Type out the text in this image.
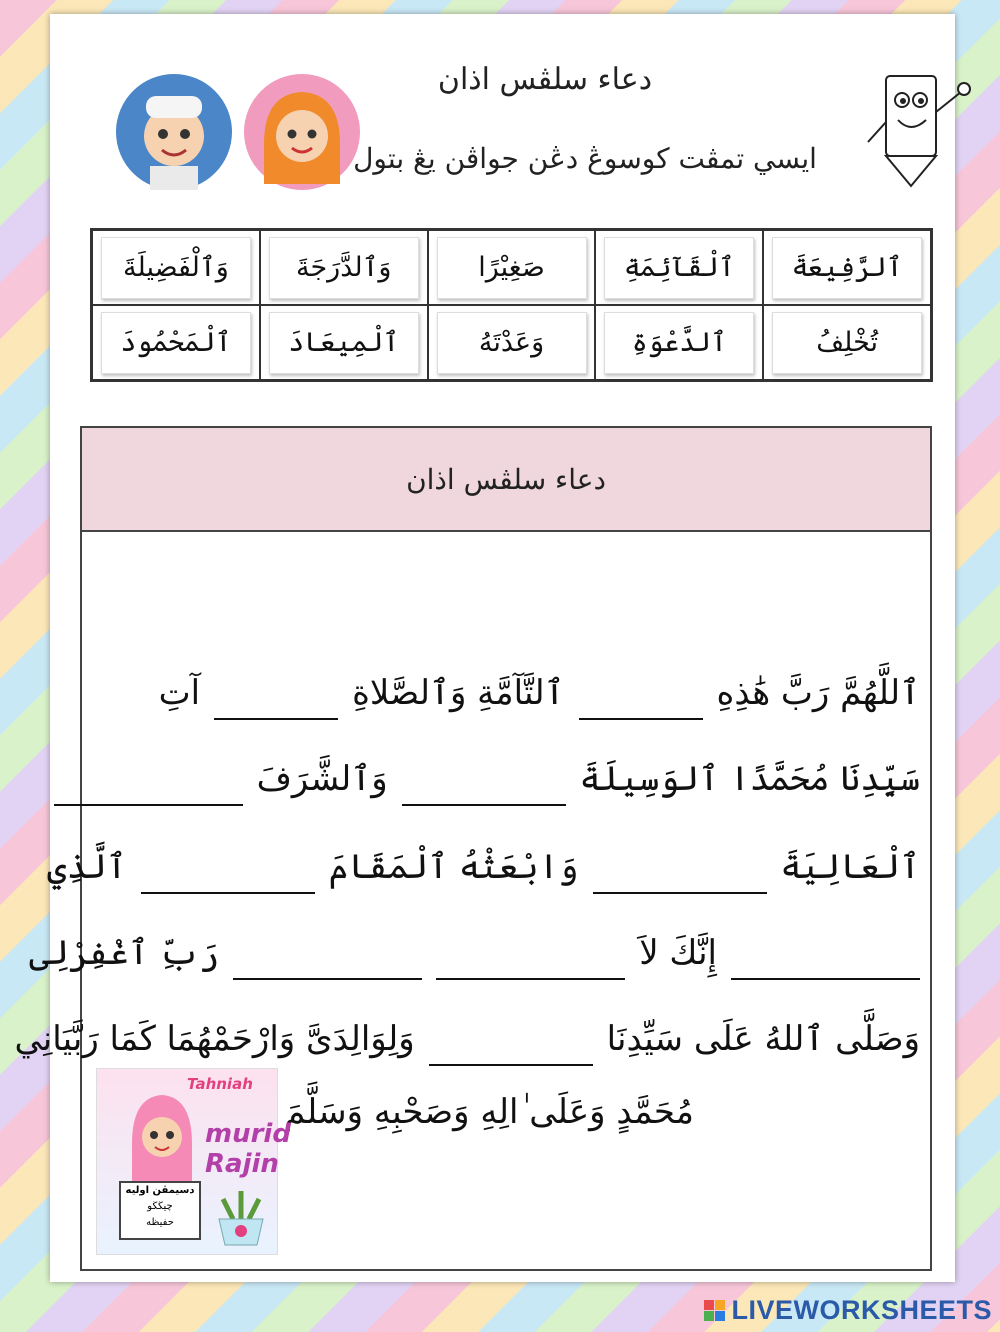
دعاء سلڤس اذان
ايسي تمڤت كوسوڠ دڠن جواڤن يڠ بتول
ٱلرَّفِيعَةَ
ٱلْقَآئِمَةِ
صَغِيْرًا
وَٱلدَّرَجَةَ
وَٱلْفَضِيلَةَ
تُخْلِفُ
ٱلدَّعْوَةِ
وَعَدْتَهُ
ٱلْمِيعَادَ
ٱلْمَحْمُودَ
دعاء سلڤس اذان
ٱللَّهُمَّ رَبَّ هَٰذِهِ
ٱلتَّآمَّةِ وَٱلصَّلاةِ
آتِ
سَيِّدِنَا مُحَمَّدًا ٱلوَسِيلَةَ
وَٱلشَّرَفَ
ٱلْعَالِيَةَ
وَابْعَثْهُ ٱلْمَقَامَ
ٱلَّذِي
إِنَّكَ لاَ
رَبِّ ٱغْفِرْلِى
وَصَلَّى ٱللهُ عَلَى سَيِّدِنَا
وَلِوَالِدَىَّ وَارْحَمْهُمَا كَمَا رَبَّيَانِي
مُحَمَّدٍ وَعَلَى ٰالِهِ وَصَحْبِهِ وَسَلَّمَ
Tahniah
murid Rajin
دسيمڤن اوليه
چيڬڬو
حفيظه
LIVEWORKSHEETS
